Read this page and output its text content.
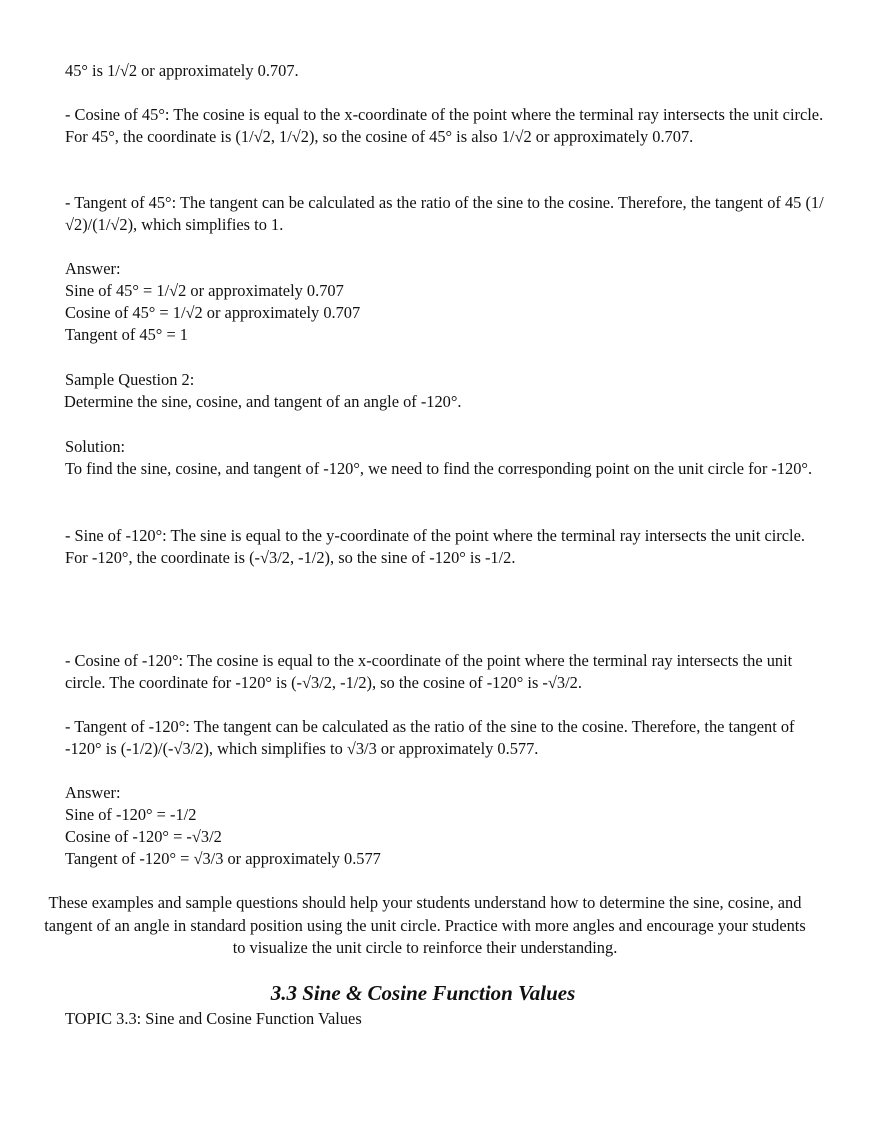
45° is 1/√2 or approximately 0.707.

- Cosine of 45°: The cosine is equal to the x-coordinate of the point where the terminal ray intersects the unit circle. For 45°, the coordinate is (1/√2, 1/√2), so the cosine of 45° is also 1/√2 or approximately 0.707.

- Tangent of 45°: The tangent can be calculated as the ratio of the sine to the cosine. Therefore, the tangent of 45 (1/√2)/(1/√2), which simplifies to 1.

Answer:
Sine of 45° = 1/√2 or approximately 0.707
Cosine of 45° = 1/√2 or approximately 0.707
Tangent of 45° = 1
Sample Question 2:
Determine the sine, cosine, and tangent of an angle of -120°.
Solution:

To find the sine, cosine, and tangent of -120°, we need to find the corresponding point on the unit circle for -120°.

- Sine of -120°: The sine is equal to the y-coordinate of the point where the terminal ray intersects the unit circle. For -120°, the coordinate is (-√3/2, -1/2), so the sine of -120° is -1/2.

- Cosine of -120°: The cosine is equal to the x-coordinate of the point where the terminal ray intersects the unit circle. The coordinate for -120° is (-√3/2, -1/2), so the cosine of -120° is -√3/2.

- Tangent of -120°: The tangent can be calculated as the ratio of the sine to the cosine. Therefore, the tangent of -120° is (-1/2)/(-√3/2), which simplifies to √3/3 or approximately 0.577.

Answer:
Sine of -120° = -1/2
Cosine of -120° = -√3/2
Tangent of -120° = √3/3 or approximately 0.577

These examples and sample questions should help your students understand how to determine the sine, cosine, and tangent of an angle in standard position using the unit circle. Practice with more angles and encourage your students to visualize the unit circle to reinforce their understanding.

3.3 Sine & Cosine Function Values

TOPIC 3.3: Sine and Cosine Function Values
